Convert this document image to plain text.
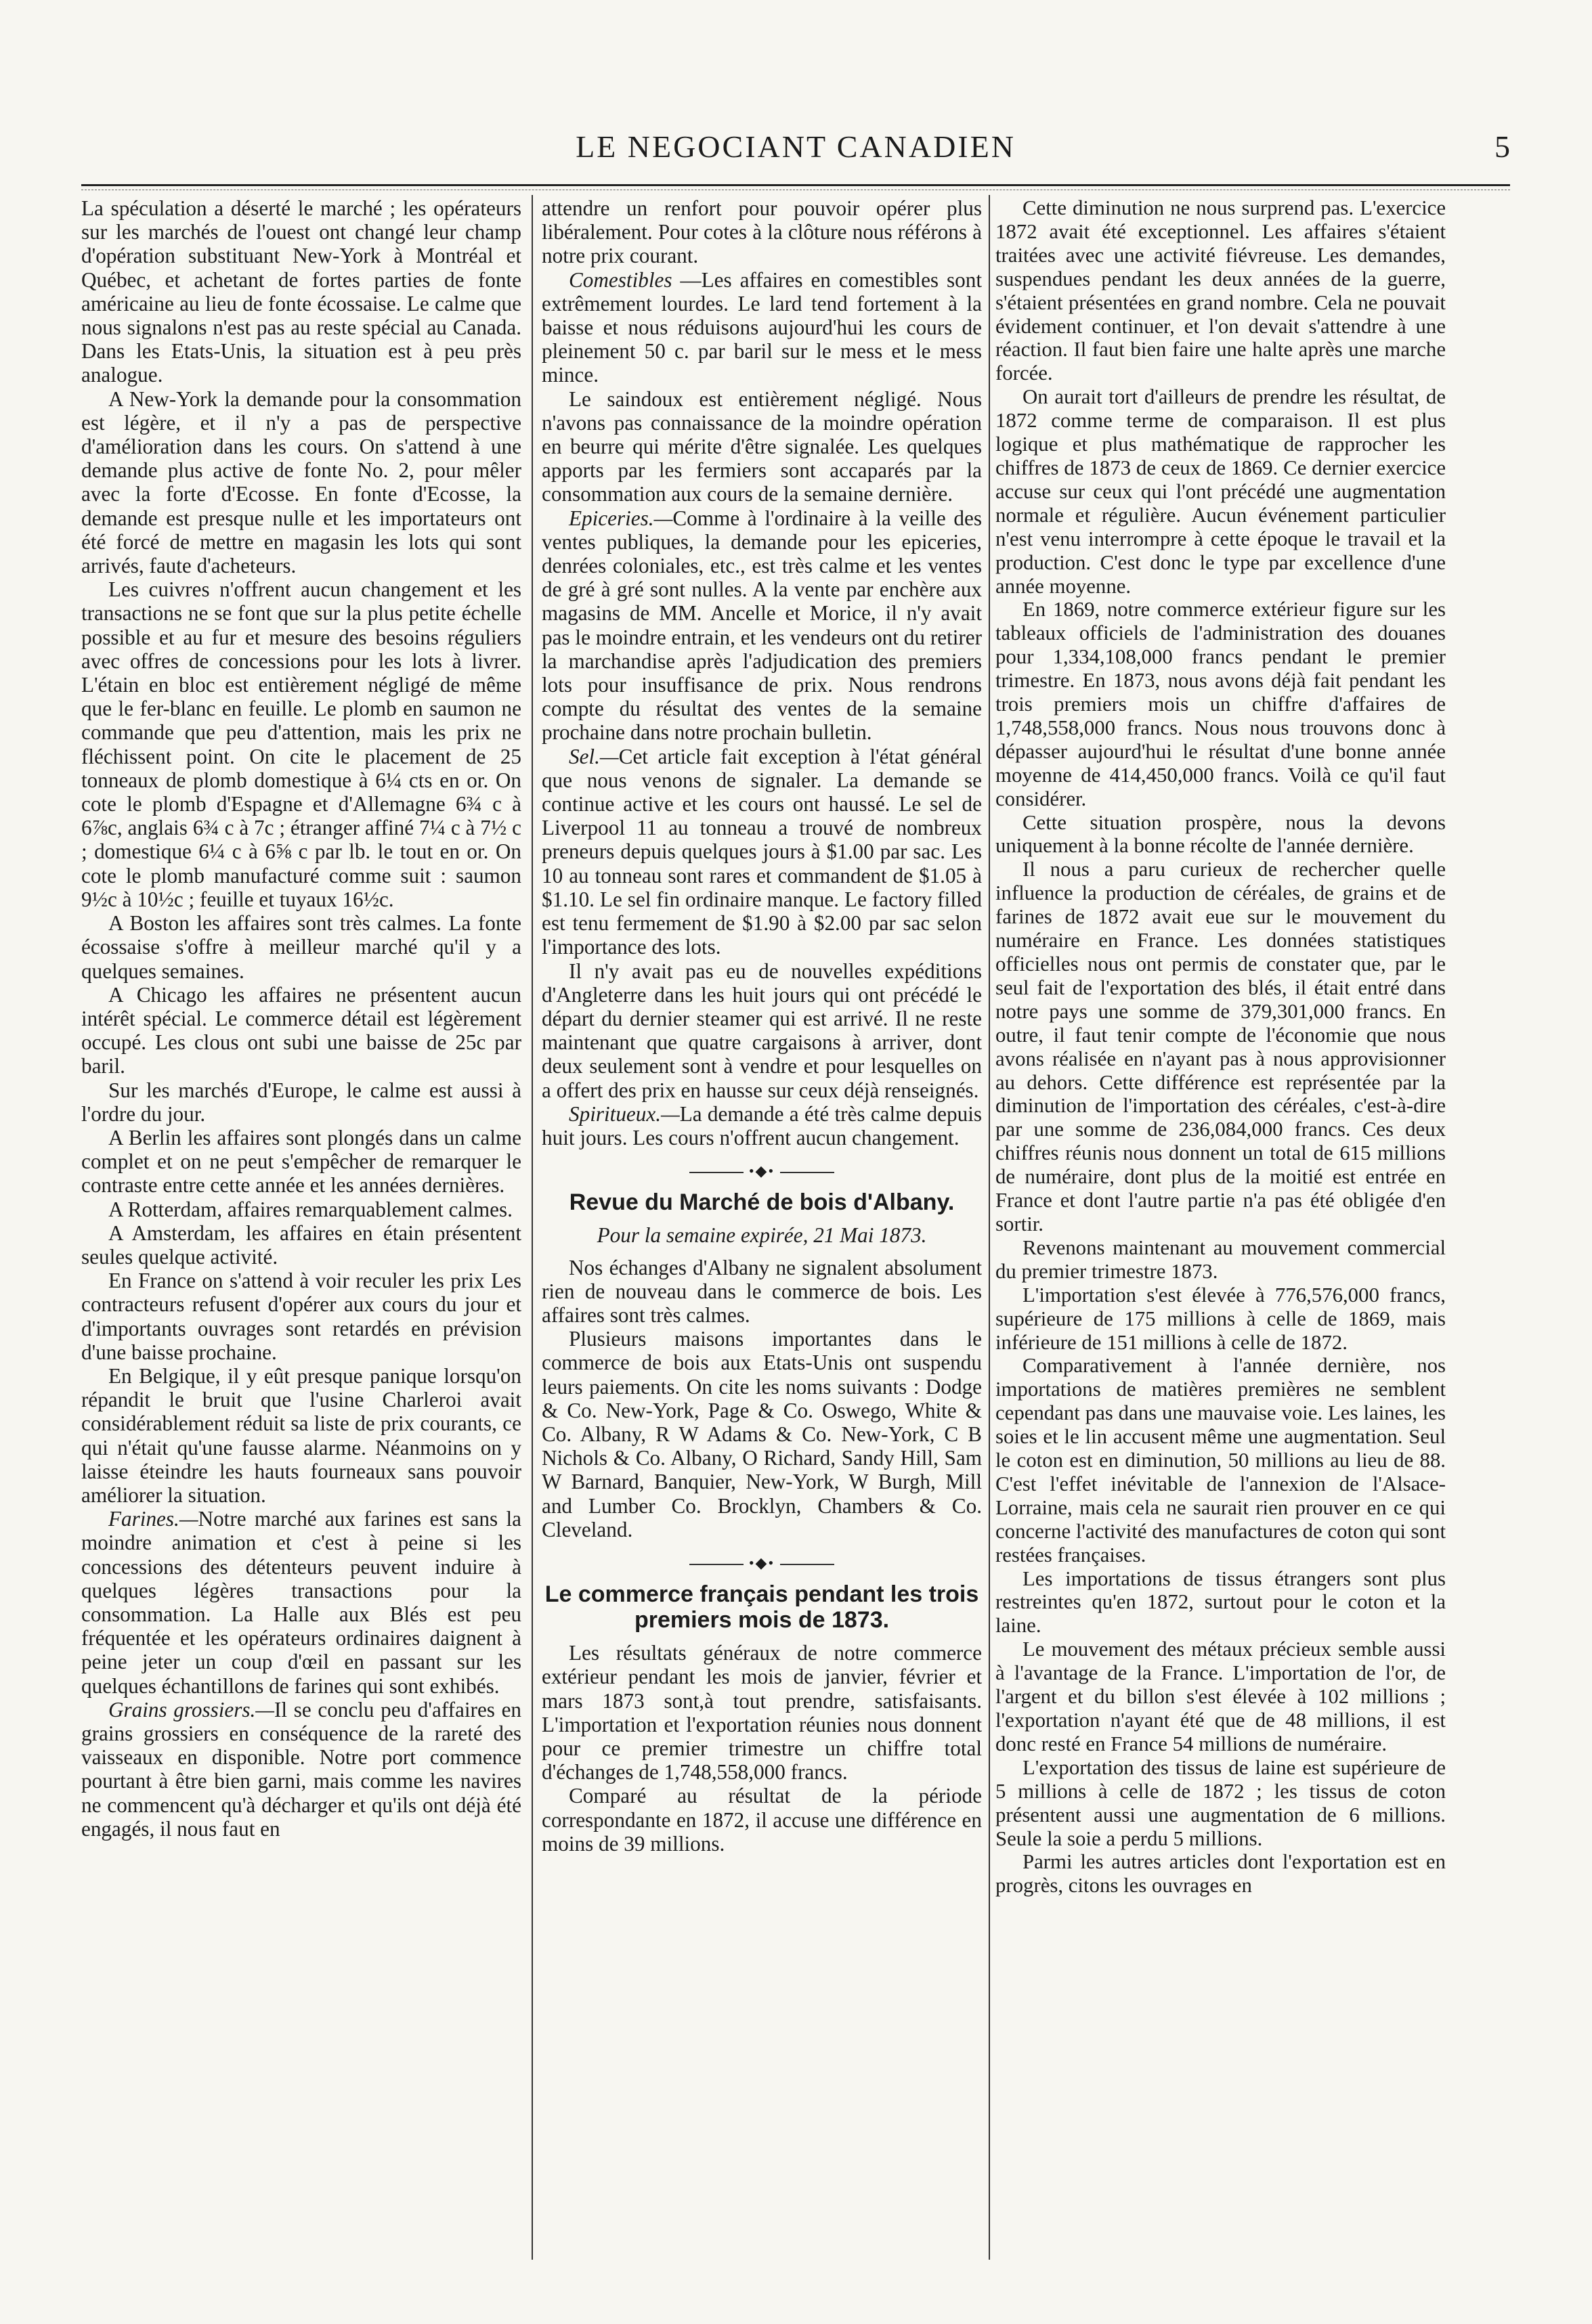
LE NEGOCIANT CANADIEN	5

La spéculation a déserté le marché ; les opérateurs sur les marchés de l'ouest ont changé leur champ d'opération substituant New-York à Montréal et Québec, et achetant de fortes parties de fonte américaine au lieu de fonte écossaise. Le calme que nous signalons n'est pas au reste spécial au Canada. Dans les Etats-Unis, la situation est à peu près analogue.

A New-York la demande pour la consommation est légère, et il n'y a pas de perspective d'amélioration dans les cours. On s'attend à une demande plus active de fonte No. 2, pour mêler avec la forte d'Ecosse. En fonte d'Ecosse, la demande est presque nulle et les importateurs ont été forcé de mettre en magasin les lots qui sont arrivés, faute d'acheteurs.

Les cuivres n'offrent aucun changement et les transactions ne se font que sur la plus petite échelle possible et au fur et mesure des besoins réguliers avec offres de concessions pour les lots à livrer. L'étain en bloc est entièrement négligé de même que le fer-blanc en feuille. Le plomb en saumon ne commande que peu d'attention, mais les prix ne fléchissent point. On cite le placement de 25 tonneaux de plomb domestique à 6¼ cts en or. On cote le plomb d'Espagne et d'Allemagne 6¾ c à 6⅞c, anglais 6¾ c à 7c ; étranger affiné 7¼ c à 7½ c ; domestique 6¼ c à 6⅝ c par lb. le tout en or. On cote le plomb manufacturé comme suit : saumon 9½c à 10½c ; feuille et tuyaux 16½c.

A Boston les affaires sont très calmes. La fonte écossaise s'offre à meilleur marché qu'il y a quelques semaines.

A Chicago les affaires ne présentent aucun intérêt spécial. Le commerce détail est légèrement occupé. Les clous ont subi une baisse de 25c par baril.

Sur les marchés d'Europe, le calme est aussi à l'ordre du jour.

A Berlin les affaires sont plongés dans un calme complet et on ne peut s'empêcher de remarquer le contraste entre cette année et les années dernières.

A Rotterdam, affaires remarquablement calmes.

A Amsterdam, les affaires en étain présentent seules quelque activité.

En France on s'attend à voir reculer les prix Les contracteurs refusent d'opérer aux cours du jour et d'importants ouvrages sont retardés en prévision d'une baisse prochaine.

En Belgique, il y eût presque panique lorsqu'on répandit le bruit que l'usine Charleroi avait considérablement réduit sa liste de prix courants, ce qui n'était qu'une fausse alarme. Néanmoins on y laisse éteindre les hauts fourneaux sans pouvoir améliorer la situation.

Farines.—Notre marché aux farines est sans la moindre animation et c'est à peine si les concessions des détenteurs peuvent induire à quelques légères transactions pour la consommation. La Halle aux Blés est peu fréquentée et les opérateurs ordinaires daignent à peine jeter un coup d'œil en passant sur les quelques échantillons de farines qui sont exhibés.

Grains grossiers.—Il se conclu peu d'affaires en grains grossiers en conséquence de la rareté des vaisseaux en disponible. Notre port commence pourtant à être bien garni, mais comme les navires ne commencent qu'à décharger et qu'ils ont déjà été engagés, il nous faut en

attendre un renfort pour pouvoir opérer plus libéralement. Pour cotes à la clôture nous référons à notre prix courant.

Comestibles —Les affaires en comestibles sont extrêmement lourdes. Le lard tend fortement à la baisse et nous réduisons aujourd'hui les cours de pleinement 50 c. par baril sur le mess et le mess mince.

Le saindoux est entièrement négligé. Nous n'avons pas connaissance de la moindre opération en beurre qui mérite d'être signalée. Les quelques apports par les fermiers sont accaparés par la consommation aux cours de la semaine dernière.

Epiceries.—Comme à l'ordinaire à la veille des ventes publiques, la demande pour les epiceries, denrées coloniales, etc., est très calme et les ventes de gré à gré sont nulles. A la vente par enchère aux magasins de MM. Ancelle et Morice, il n'y avait pas le moindre entrain, et les vendeurs ont du retirer la marchandise après l'adjudication des premiers lots pour insuffisance de prix. Nous rendrons compte du résultat des ventes de la semaine prochaine dans notre prochain bulletin.

Sel.—Cet article fait exception à l'état général que nous venons de signaler. La demande se continue active et les cours ont haussé. Le sel de Liverpool 11 au tonneau a trouvé de nombreux preneurs depuis quelques jours à $1.00 par sac. Les 10 au tonneau sont rares et commandent de $1.05 à $1.10. Le sel fin ordinaire manque. Le factory filled est tenu fermement de $1.90 à $2.00 par sac selon l'importance des lots.

Il n'y avait pas eu de nouvelles expéditions d'Angleterre dans les huit jours qui ont précédé le départ du dernier steamer qui est arrivé. Il ne reste maintenant que quatre cargaisons à arriver, dont deux seulement sont à vendre et pour lesquelles on a offert des prix en hausse sur ceux déjà renseignés.

Spiritueux.—La demande a été très calme depuis huit jours. Les cours n'offrent aucun changement.

•◆•
Revue du Marché de bois d'Albany.
Pour la semaine expirée, 21 Mai 1873.

Nos échanges d'Albany ne signalent absolument rien de nouveau dans le commerce de bois. Les affaires sont très calmes.

Plusieurs maisons importantes dans le commerce de bois aux Etats-Unis ont suspendu leurs paiements. On cite les noms suivants : Dodge & Co. New-York, Page & Co. Oswego, White & Co. Albany, R W Adams & Co. New-York, C B Nichols & Co. Albany, O Richard, Sandy Hill, Sam W Barnard, Banquier, New-York, W Burgh, Mill and Lumber Co. Brocklyn, Chambers & Co. Cleveland.

•◆•
Le commerce français pendant les trois premiers mois de 1873.

Les résultats généraux de notre commerce extérieur pendant les mois de janvier, février et mars 1873 sont,à tout prendre, satisfaisants. L'importation et l'exportation réunies nous donnent pour ce premier trimestre un chiffre total d'échanges de 1,748,558,000 francs.

Comparé au résultat de la période correspondante en 1872, il accuse une différence en moins de 39 millions.

Cette diminution ne nous surprend pas. L'exercice 1872 avait été exceptionnel. Les affaires s'étaient traitées avec une activité fiévreuse. Les demandes, suspendues pendant les deux années de la guerre, s'étaient présentées en grand nombre. Cela ne pouvait évidement continuer, et l'on devait s'attendre à une réaction. Il faut bien faire une halte après une marche forcée.

On aurait tort d'ailleurs de prendre les résultat, de 1872 comme terme de comparaison. Il est plus logique et plus mathématique de rapprocher les chiffres de 1873 de ceux de 1869. Ce dernier exercice accuse sur ceux qui l'ont précédé une augmentation normale et régulière. Aucun événement particulier n'est venu interrompre à cette époque le travail et la production. C'est donc le type par excellence d'une année moyenne.

En 1869, notre commerce extérieur figure sur les tableaux officiels de l'administration des douanes pour 1,334,108,000 francs pendant le premier trimestre. En 1873, nous avons déjà fait pendant les trois premiers mois un chiffre d'affaires de 1,748,558,000 francs. Nous nous trouvons donc à dépasser aujourd'hui le résultat d'une bonne année moyenne de 414,450,000 francs. Voilà ce qu'il faut considérer.

Cette situation prospère, nous la devons uniquement à la bonne récolte de l'année dernière.

Il nous a paru curieux de rechercher quelle influence la production de céréales, de grains et de farines de 1872 avait eue sur le mouvement du numéraire en France. Les données statistiques officielles nous ont permis de constater que, par le seul fait de l'exportation des blés, il était entré dans notre pays une somme de 379,301,000 francs. En outre, il faut tenir compte de l'économie que nous avons réalisée en n'ayant pas à nous approvisionner au dehors. Cette différence est représentée par la diminution de l'importation des céréales, c'est-à-dire par une somme de 236,084,000 francs. Ces deux chiffres réunis nous donnent un total de 615 millions de numéraire, dont plus de la moitié est entrée en France et dont l'autre partie n'a pas été obligée d'en sortir.

Revenons maintenant au mouvement commercial du premier trimestre 1873.

L'importation s'est élevée à 776,576,000 francs, supérieure de 175 millions à celle de 1869, mais inférieure de 151 millions à celle de 1872.

Comparativement à l'année dernière, nos importations de matières premières ne semblent cependant pas dans une mauvaise voie. Les laines, les soies et le lin accusent même une augmentation. Seul le coton est en diminution, 50 millions au lieu de 88. C'est l'effet inévitable de l'annexion de l'Alsace-Lorraine, mais cela ne saurait rien prouver en ce qui concerne l'activité des manufactures de coton qui sont restées françaises.

Les importations de tissus étrangers sont plus restreintes qu'en 1872, surtout pour le coton et la laine.

Le mouvement des métaux précieux semble aussi à l'avantage de la France. L'importation de l'or, de l'argent et du billon s'est élevée à 102 millions ; l'exportation n'ayant été que de 48 millions, il est donc resté en France 54 millions de numéraire.

L'exportation des tissus de laine est supérieure de 5 millions à celle de 1872 ; les tissus de coton présentent aussi une augmentation de 6 millions. Seule la soie a perdu 5 millions.

Parmi les autres articles dont l'exportation est en progrès, citons les ouvrages en
